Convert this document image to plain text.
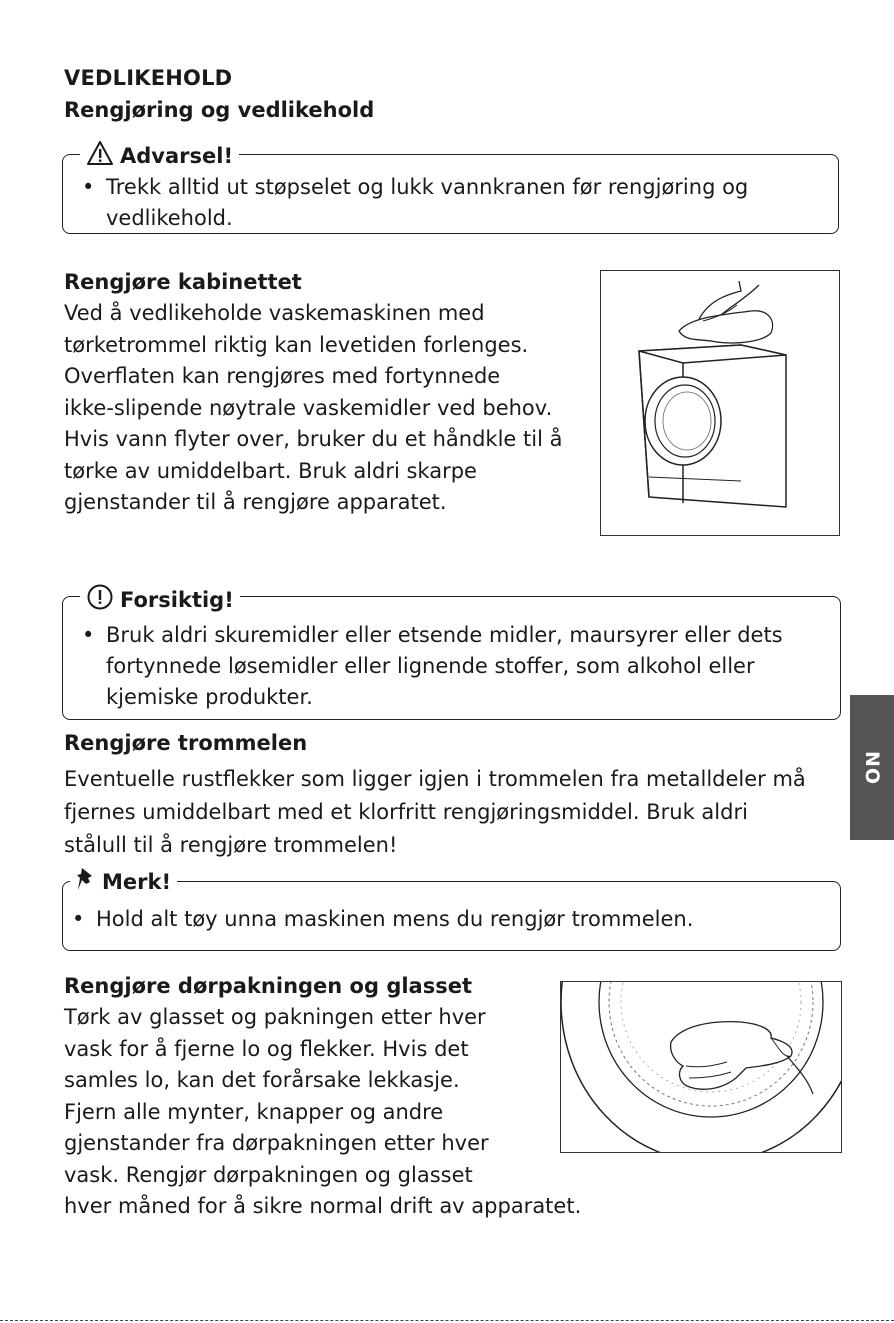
VEDLIKEHOLD
Rengjøring og vedlikehold
Advarsel!
• Trekk alltid ut støpselet og lukk vannkranen før rengjøring og vedlikehold.
Rengjøre kabinettet
Ved å vedlikeholde vaskemaskinen med
tørketrommel riktig kan levetiden forlenges.
Overflaten kan rengjøres med fortynnede
ikke-slipende nøytrale vaskemidler ved behov.
Hvis vann flyter over, bruker du et håndkle til å
tørke av umiddelbart. Bruk aldri skarpe
gjenstander til å rengjøre apparatet.
Forsiktig!
• Bruk aldri skuremidler eller etsende midler, maursyrer eller dets fortynnede løsemidler eller lignende stoffer, som alkohol eller kjemiske produkter.
Rengjøre trommelen
Eventuelle rustflekker som ligger igjen i trommelen fra metalldeler må
fjernes umiddelbart med et klorfritt rengjøringsmiddel. Bruk aldri
stålull til å rengjøre trommelen!
Merk!
• Hold alt tøy unna maskinen mens du rengjør trommelen.
Rengjøre dørpakningen og glasset
Tørk av glasset og pakningen etter hver
vask for å fjerne lo og flekker. Hvis det
samles lo, kan det forårsake lekkasje.
Fjern alle mynter, knapper og andre
gjenstander fra dørpakningen etter hver
vask. Rengjør dørpakningen og glasset
hver måned for å sikre normal drift av apparatet.
NO
